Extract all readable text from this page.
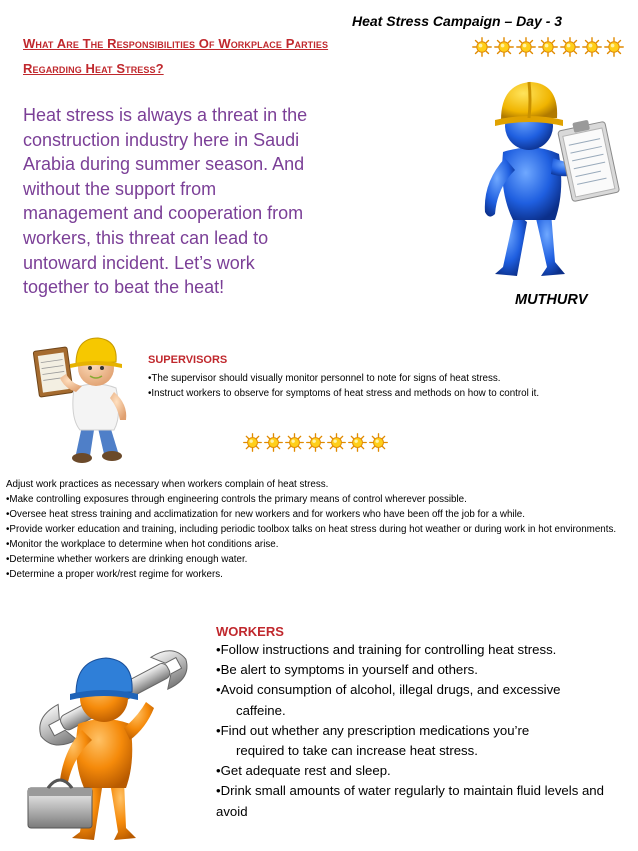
Heat Stress Campaign – Day - 3
What Are The Responsibilities Of Workplace Parties Regarding Heat Stress?
Heat stress is always a threat in the construction industry here in Saudi Arabia during summer season. And without the support from management and cooperation from workers, this threat can lead to untoward incident. Let’s work together to beat the heat!
MUTHURV
SUPERVISORS
•The supervisor should visually monitor personnel to note for signs of heat stress.
•Instruct workers to observe for symptoms of heat stress and methods on how to control it.

Adjust work practices as necessary when workers complain of heat stress.

•Make controlling exposures through engineering controls the primary means of control wherever possible.
•Oversee heat stress training and acclimatization for new workers and for workers who have been off the job for a while.
•Provide worker education and training, including periodic toolbox talks on heat stress during hot weather or during work in hot environments.
•Monitor the workplace to determine when hot conditions arise.
•Determine whether workers are drinking enough water.
•Determine a proper work/rest regime for workers.
WORKERS
•Follow instructions and training for controlling heat stress.
•Be alert to symptoms in yourself and others.
•Avoid consumption of alcohol, illegal drugs, and excessive
caffeine.
•Find out whether any prescription medications you’re
required to take can increase heat stress.
•Get adequate rest and sleep.
•Drink small amounts of water regularly to maintain fluid levels and avoid
